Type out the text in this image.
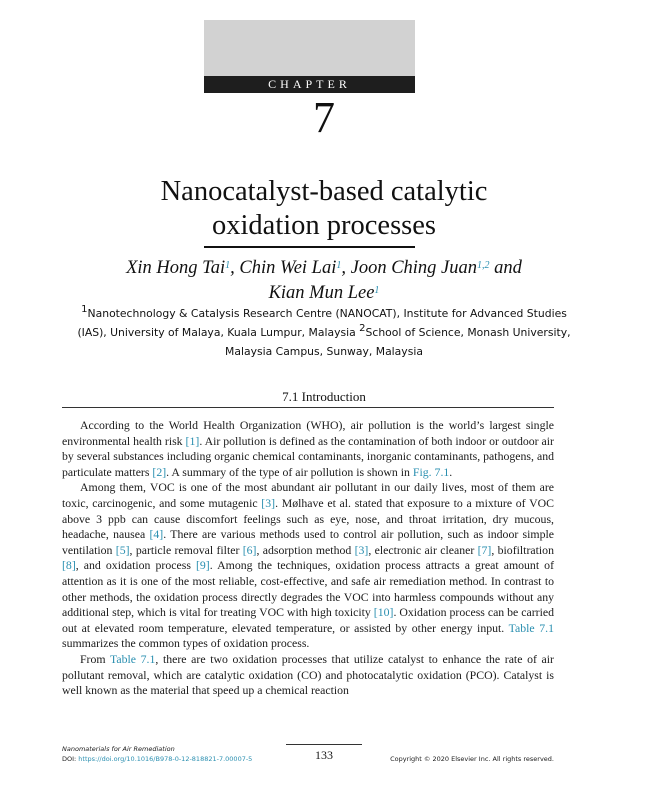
CHAPTER
7
Nanocatalyst-based catalytic
oxidation processes
Xin Hong Tai$^1$, Chin Wei Lai$^1$, Joon Ching Juan$^{1,2}$ and
Kian Mun Lee$^1$
$^1$Nanotechnology & Catalysis Research Centre (NANOCAT), Institute for Advanced Studies
(IAS), University of Malaya, Kuala Lumpur, Malaysia $^2$School of Science, Monash University,
Malaysia Campus, Sunway, Malaysia
7.1 Introduction

According to the World Health Organization (WHO), air pollution is the world’s largest single environmental health risk [1]. Air pollution is defined as the contamination of both indoor or outdoor air by several substances including organic chemical contaminants, inorganic contaminants, pathogens, and particulate matters [2]. A summary of the type of air pollution is shown in Fig. 7.1.

Among them, VOC is one of the most abundant air pollutant in our daily lives, most of them are toxic, carcinogenic, and some mutagenic [3]. Mølhave et al. stated that exposure to a mixture of VOC above 3 ppb can cause discomfort feelings such as eye, nose, and throat irritation, dry mucous, headache, nausea [4]. There are various methods used to control air pollution, such as indoor simple ventilation [5], particle removal filter [6], adsorption method [3], electronic air cleaner [7], biofiltration [8], and oxidation process [9]. Among the techniques, oxidation process attracts a great amount of attention as it is one of the most reliable, cost-effective, and safe air remediation method. In contrast to other methods, the oxidation process directly degrades the VOC into harmless compounds without any additional step, which is vital for treating VOC with high toxicity [10]. Oxidation process can be carried out at elevated room temperature, elevated temperature, or assisted by other energy input. Table 7.1 summarizes the common types of oxidation process.

From Table 7.1, there are two oxidation processes that utilize catalyst to enhance the rate of air pollutant removal, which are catalytic oxidation (CO) and photocatalytic oxidation (PCO). Catalyst is well known as the material that speed up a chemical reaction

Nanomaterials for Air Remediation
DOI: https://doi.org/10.1016/B978-0-12-818821-7.00007-5	133	Copyright © 2020 Elsevier Inc. All rights reserved.
